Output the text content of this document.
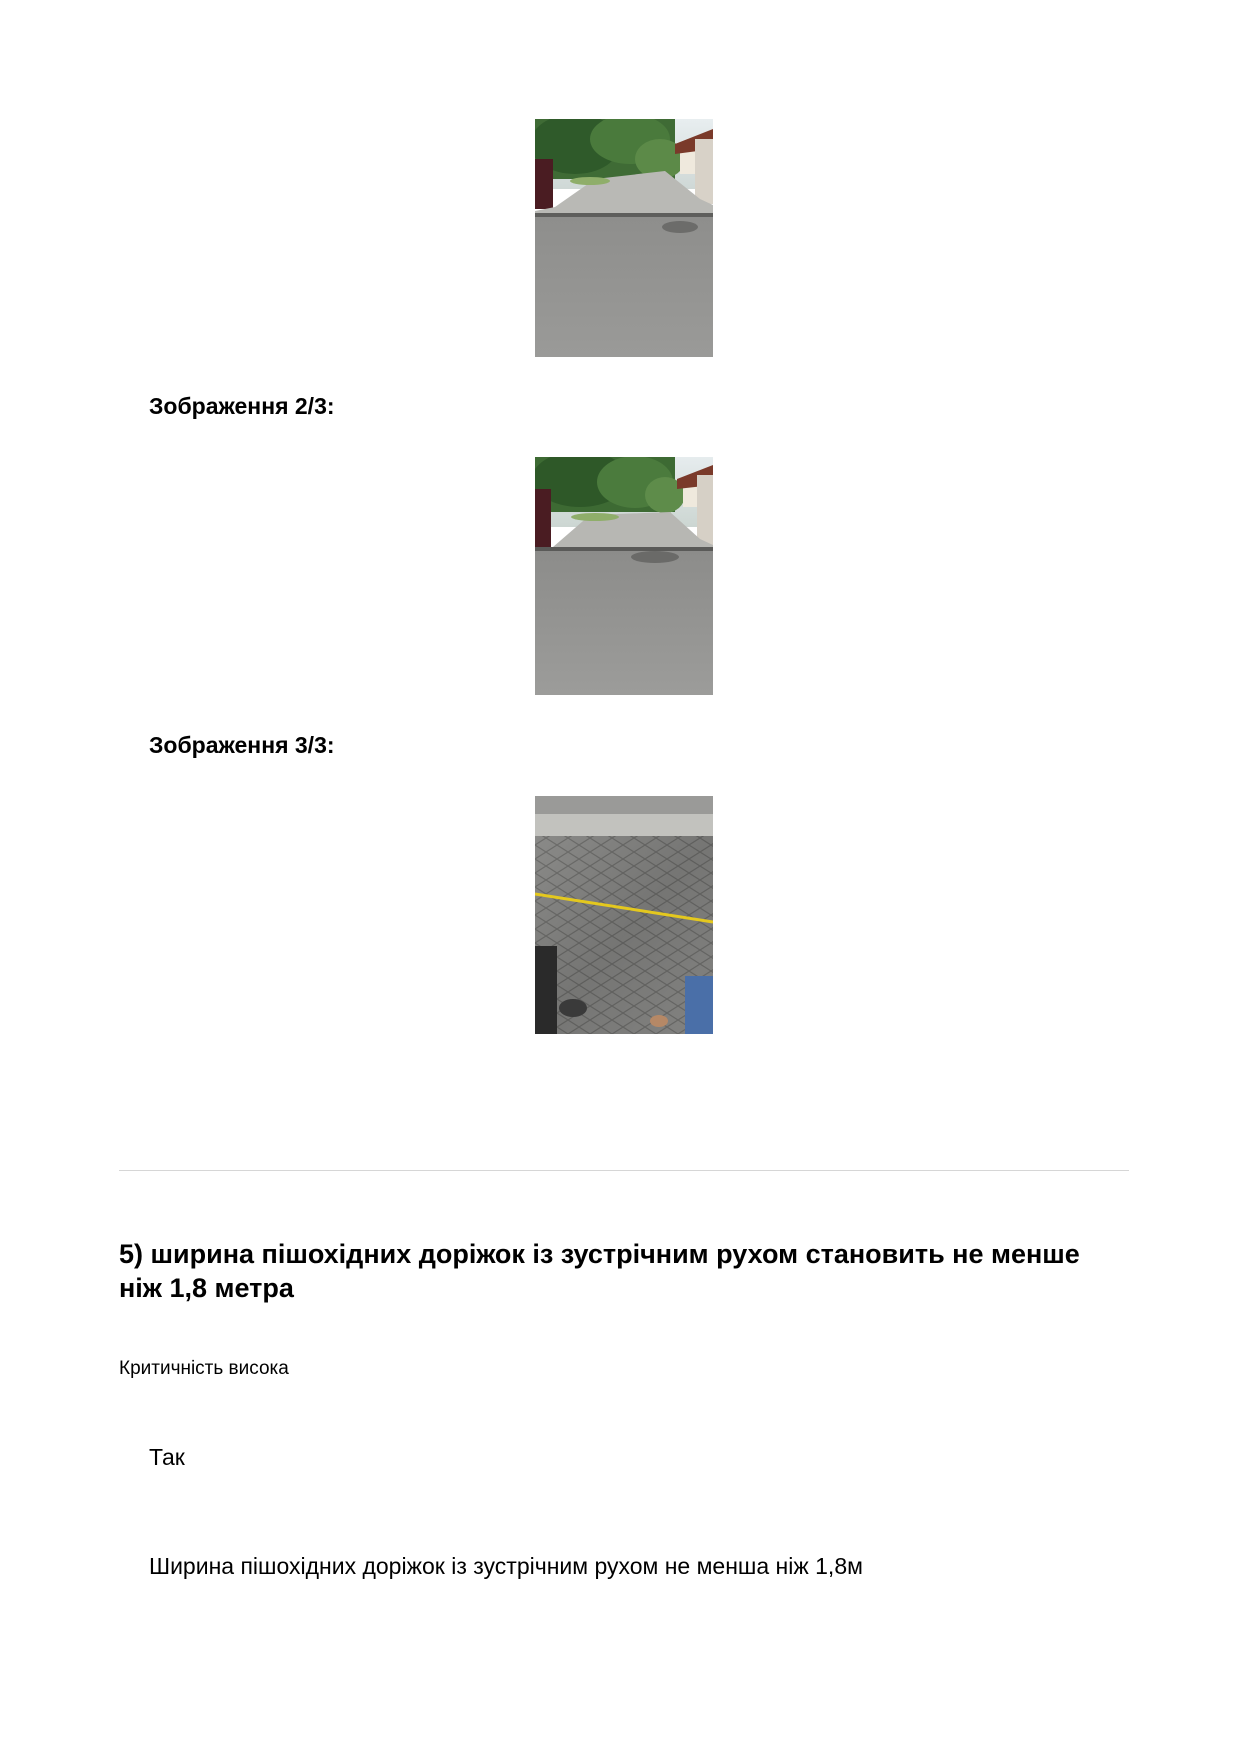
Зображення 2/3:
Зображення 3/3:
5) ширина пішохідних доріжок із зустрічним рухом становить не менше ніж 1,8 метра
Критичність висока
Так
Ширина пішохідних доріжок із зустрічним рухом не менша ніж 1,8м
